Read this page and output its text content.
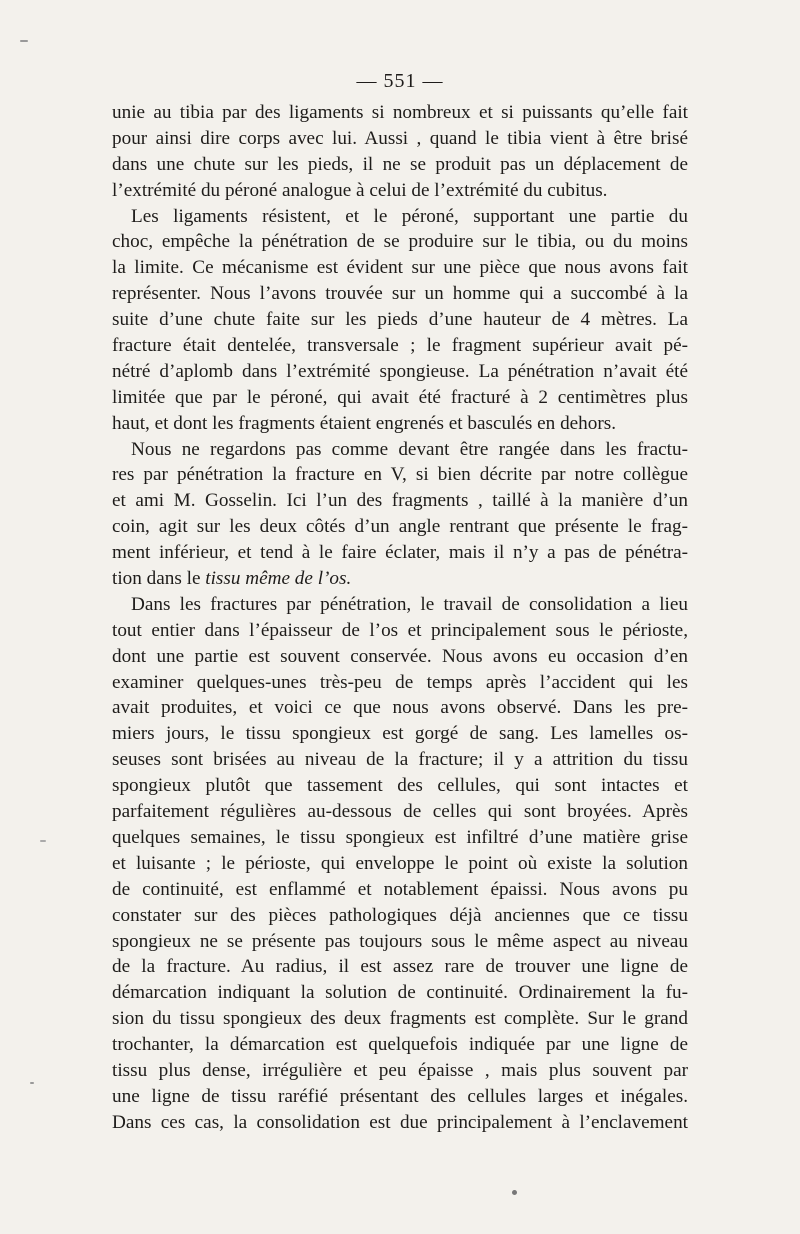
— 551 —
unie au tibia par des ligaments si nombreux et si puissants qu’elle fait
pour ainsi dire corps avec lui. Aussi , quand le tibia vient à être brisé
dans une chute sur les pieds, il ne se produit pas un déplacement de
l’extrémité du péroné analogue à celui de l’extrémité du cubitus.
Les ligaments résistent, et le péroné, supportant une partie du
choc, empêche la pénétration de se produire sur le tibia, ou du moins
la limite. Ce mécanisme est évident sur une pièce que nous avons fait
représenter. Nous l’avons trouvée sur un homme qui a succombé à la
suite d’une chute faite sur les pieds d’une hauteur de 4 mètres. La
fracture était dentelée, transversale ; le fragment supérieur avait pé-
nétré d’aplomb dans l’extrémité spongieuse. La pénétration n’avait été
limitée que par le péroné, qui avait été fracturé à 2 centimètres plus
haut, et dont les fragments étaient engrenés et basculés en dehors.
Nous ne regardons pas comme devant être rangée dans les fractu-
res par pénétration la fracture en V, si bien décrite par notre collègue
et ami M. Gosselin. Ici l’un des fragments , taillé à la manière d’un
coin, agit sur les deux côtés d’un angle rentrant que présente le frag-
ment inférieur, et tend à le faire éclater, mais il n’y a pas de pénétra-
tion dans le tissu même de l’os.
Dans les fractures par pénétration, le travail de consolidation a lieu
tout entier dans l’épaisseur de l’os et principalement sous le périoste,
dont une partie est souvent conservée. Nous avons eu occasion d’en
examiner quelques-unes très-peu de temps après l’accident qui les
avait produites, et voici ce que nous avons observé. Dans les pre-
miers jours, le tissu spongieux est gorgé de sang. Les lamelles os-
seuses sont brisées au niveau de la fracture; il y a attrition du tissu
spongieux plutôt que tassement des cellules, qui sont intactes et
parfaitement régulières au-dessous de celles qui sont broyées. Après
quelques semaines, le tissu spongieux est infiltré d’une matière grise
et luisante ; le périoste, qui enveloppe le point où existe la solution
de continuité, est enflammé et notablement épaissi. Nous avons pu
constater sur des pièces pathologiques déjà anciennes que ce tissu
spongieux ne se présente pas toujours sous le même aspect au niveau
de la fracture. Au radius, il est assez rare de trouver une ligne de
démarcation indiquant la solution de continuité. Ordinairement la fu-
sion du tissu spongieux des deux fragments est complète. Sur le grand
trochanter, la démarcation est quelquefois indiquée par une ligne de
tissu plus dense, irrégulière et peu épaisse , mais plus souvent par
une ligne de tissu raréfié présentant des cellules larges et inégales.
Dans ces cas, la consolidation est due principalement à l’enclavement
